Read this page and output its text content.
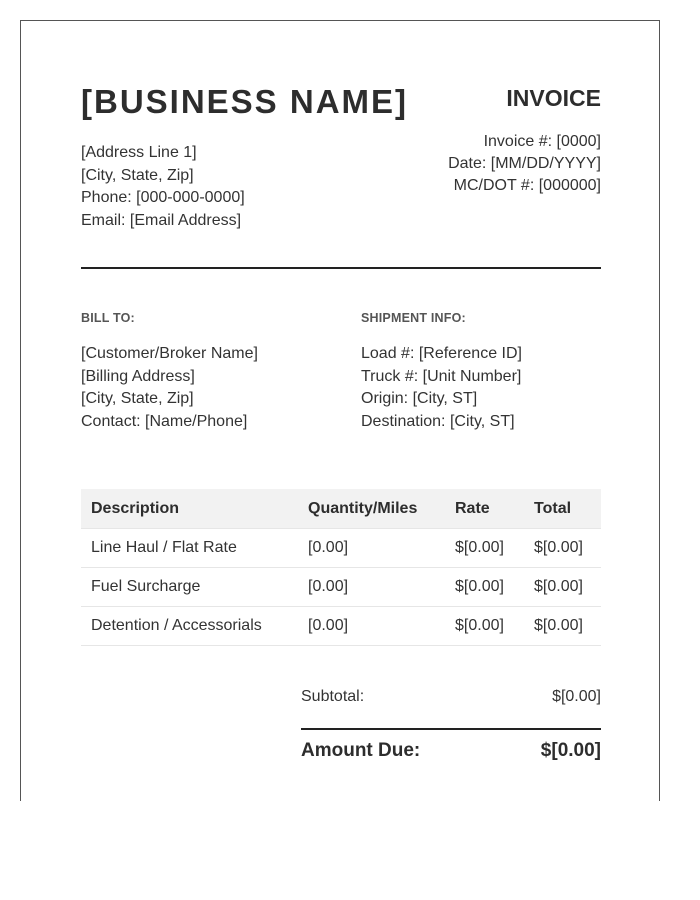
[BUSINESS NAME]	INVOICE
[Address Line 1]
[City, State, Zip]
Phone: [000-000-0000]
Email: [Email Address]
Invoice #: [0000]
Date: [MM/DD/YYYY]
MC/DOT #: [000000]
BILL TO:
[Customer/Broker Name]
[Billing Address]
[City, State, Zip]
Contact: [Name/Phone]
SHIPMENT INFO:
Load #: [Reference ID]
Truck #: [Unit Number]
Origin: [City, ST]
Destination: [City, ST]
Description	Quantity/Miles	Rate	Total
Line Haul / Flat Rate	[0.00]	$[0.00]	$[0.00]
Fuel Surcharge	[0.00]	$[0.00]	$[0.00]
Detention / Accessorials	[0.00]	$[0.00]	$[0.00]
Subtotal:	$[0.00]
Amount Due:	$[0.00]
